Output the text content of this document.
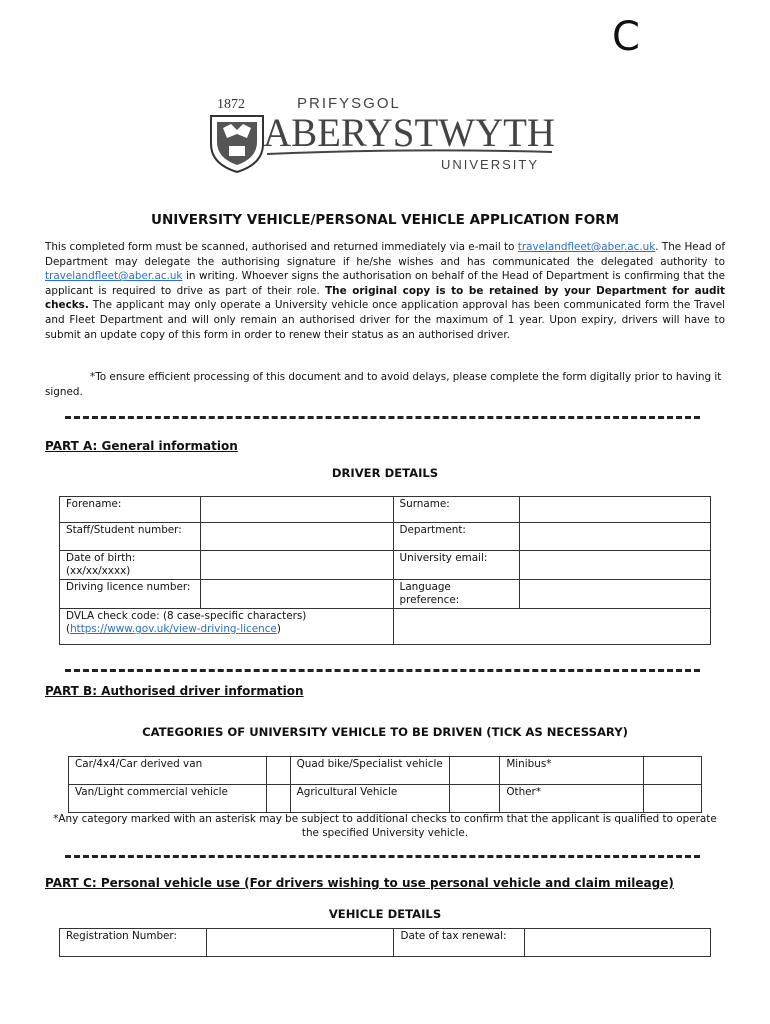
C
1872	PRIFYSGOL
ABERYSTWYTH
UNIVERSITY
UNIVERSITY VEHICLE/PERSONAL VEHICLE APPLICATION FORM
This completed form must be scanned, authorised and returned immediately via e-mail to travelandfleet@aber.ac.uk. The Head of Department may delegate the authorising signature if he/she wishes and has communicated the delegated authority to travelandfleet@aber.ac.uk in writing. Whoever signs the authorisation on behalf of the Head of Department is confirming that the applicant is required to drive as part of their role. The original copy is to be retained by your Department for audit checks. The applicant may only operate a University vehicle once application approval has been communicated form the Travel and Fleet Department and will only remain an authorised driver for the maximum of 1 year. Upon expiry, drivers will have to submit an update copy of this form in order to renew their status as an authorised driver.
*To ensure efficient processing of this document and to avoid delays, please complete the form digitally prior to having it signed.
PART A: General information
DRIVER DETAILS
Forename:		Surname:	
Staff/Student number:		Department:	
Date of birth: (xx/xx/xxxx)		University email:	
Driving licence number:		Language preference:	
DVLA check code: (8 case-specific characters)
(https://www.gov.uk/view-driving-licence)			
PART B: Authorised driver information
CATEGORIES OF UNIVERSITY VEHICLE TO BE DRIVEN (TICK AS NECESSARY)
Car/4x4/Car derived van		Quad bike/Specialist vehicle		Minibus*	
Van/Light commercial vehicle		Agricultural Vehicle		Other*	
*Any category marked with an asterisk may be subject to additional checks to confirm that the applicant is qualified to operate the specified University vehicle.
PART C: Personal vehicle use (For drivers wishing to use personal vehicle and claim mileage)
VEHICLE DETAILS
Registration Number:		Date of tax renewal:	
